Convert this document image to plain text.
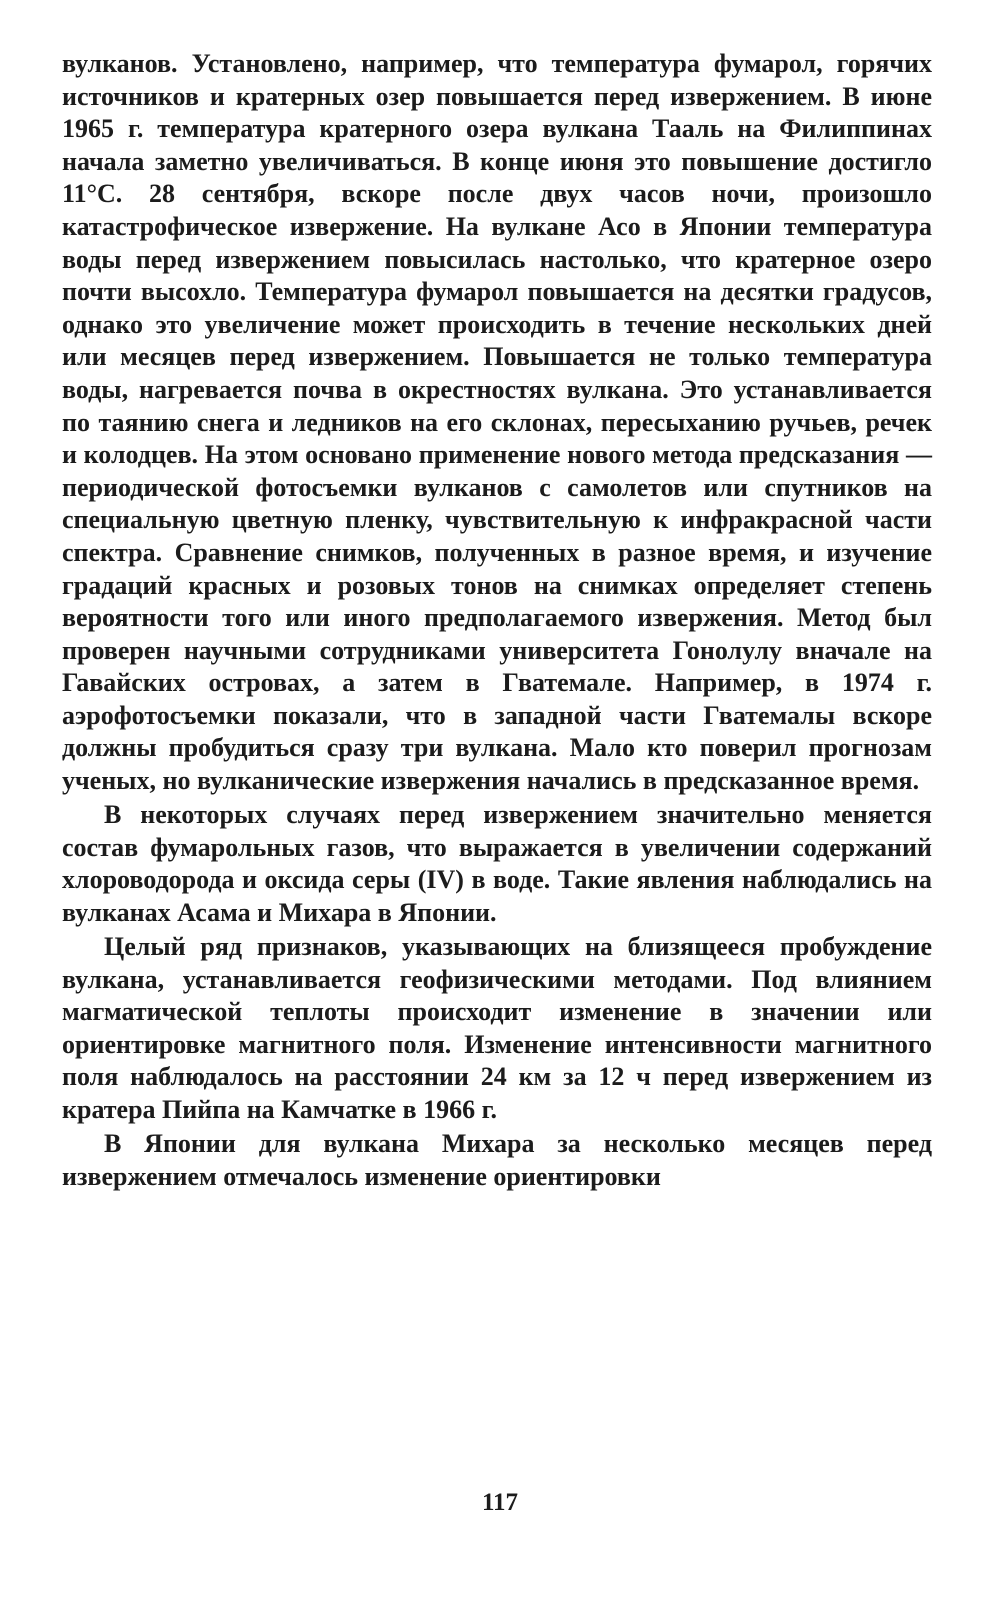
вулканов. Установлено, например, что температура фумарол, горячих источников и кратерных озер повышается перед извержением. В июне 1965 г. температура кратерного озера вулкана Тааль на Филиппинах начала заметно увеличиваться. В конце июня это повышение достигло 11°С. 28 сентября, вскоре после двух часов ночи, произошло катастрофическое извержение. На вулкане Асо в Японии температура воды перед извержением повысилась настолько, что кратерное озеро почти высохло. Температура фумарол повышается на десятки градусов, однако это увеличение может происходить в течение нескольких дней или месяцев перед извержением. Повышается не только температура воды, нагревается почва в окрестностях вулкана. Это устанавливается по таянию снега и ледников на его склонах, пересыханию ручьев, речек и колодцев. На этом основано применение нового метода предсказания — периодической фотосъемки вулканов с самолетов или спутников на специальную цветную пленку, чувствительную к инфракрасной части спектра. Сравнение снимков, полученных в разное время, и изучение градаций красных и розовых тонов на снимках определяет степень вероятности того или иного предполагаемого извержения. Метод был проверен научными сотрудниками университета Гонолулу вначале на Гавайских островах, а затем в Гватемале. Например, в 1974 г. аэрофотосъемки показали, что в западной части Гватемалы вскоре должны пробудиться сразу три вулкана. Мало кто поверил прогнозам ученых, но вулканические извержения начались в предсказанное время.

В некоторых случаях перед извержением значительно меняется состав фумарольных газов, что выражается в увеличении содержаний хлороводорода и оксида серы (IV) в воде. Такие явления наблюдались на вулканах Асама и Михара в Японии.

Целый ряд признаков, указывающих на близящееся пробуждение вулкана, устанавливается геофизическими методами. Под влиянием магматической теплоты происходит изменение в значении или ориентировке магнитного поля. Изменение интенсивности магнитного поля наблюдалось на расстоянии 24 км за 12 ч перед извержением из кратера Пийпа на Камчатке в 1966 г.

В Японии для вулкана Михара за несколько месяцев перед извержением отмечалось изменение ориентировки

117
